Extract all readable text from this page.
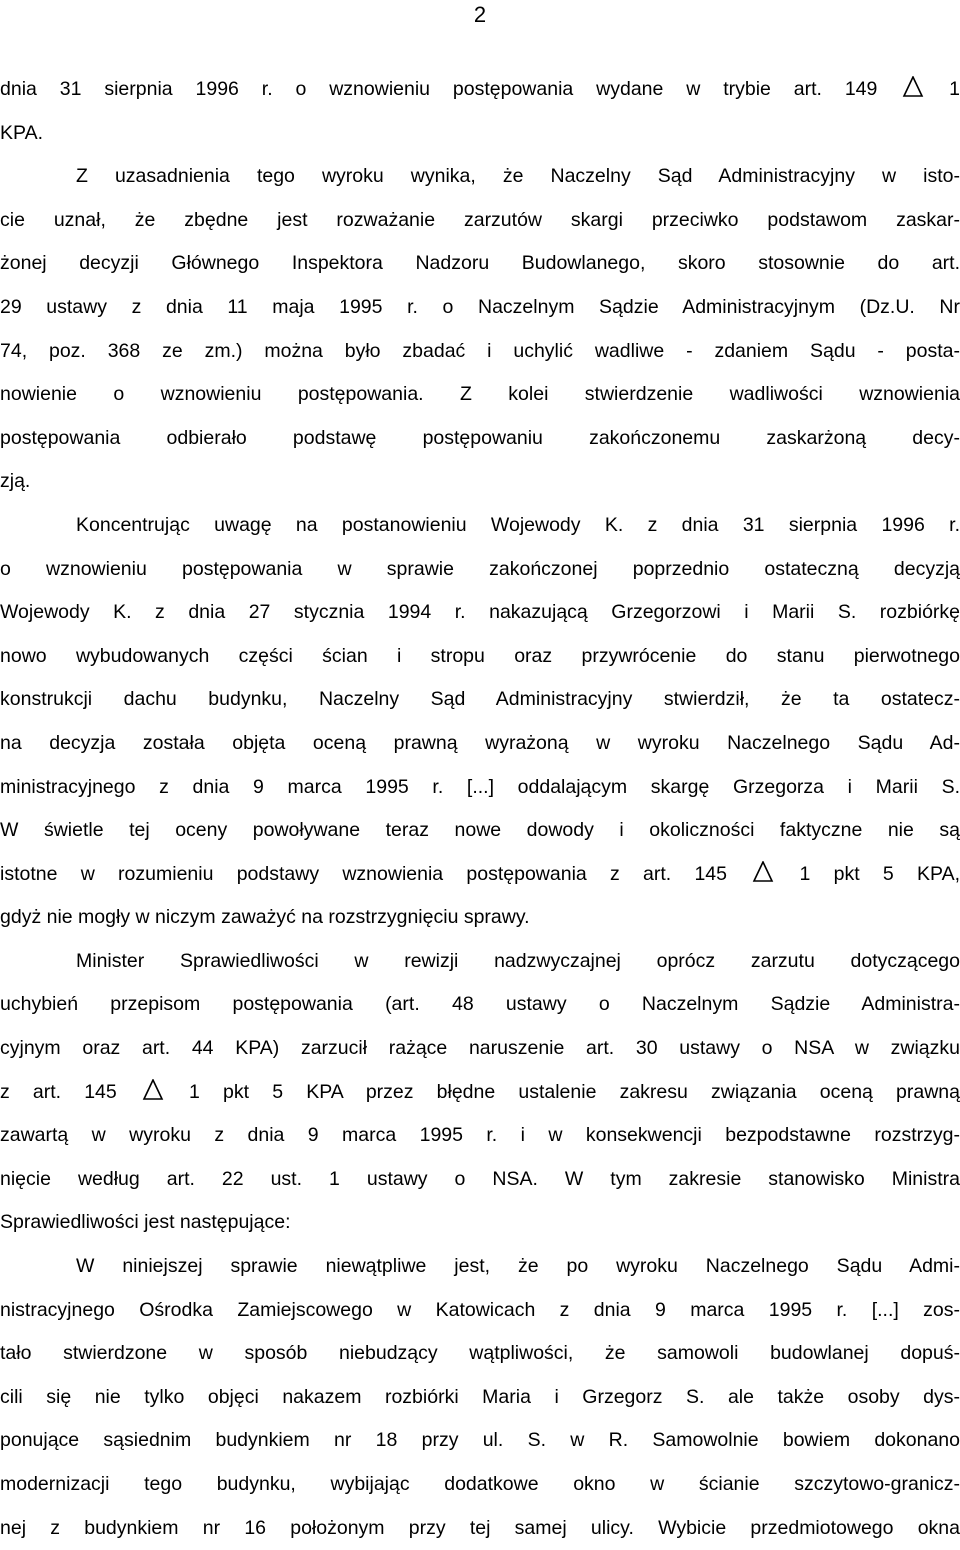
2
dnia 31 sierpnia 1996 r. o wznowieniu postępowania wydane w trybie art. 149  1
KPA.
Z uzasadnienia tego wyroku wynika, że Naczelny Sąd Administracyjny w isto-
cie uznał, że zbędne jest rozważanie zarzutów skargi przeciwko podstawom zaskar-
żonej decyzji Głównego Inspektora Nadzoru Budowlanego, skoro stosownie do art.
29 ustawy z dnia 11 maja 1995 r. o Naczelnym Sądzie Administracyjnym (Dz.U. Nr
74, poz. 368 ze zm.) można było zbadać i uchylić wadliwe - zdaniem Sądu - posta-
nowienie o wznowieniu postępowania. Z kolei stwierdzenie wadliwości wznowienia
postępowania odbierało podstawę postępowaniu zakończonemu zaskarżoną decy-
zją.
Koncentrując uwagę na postanowieniu Wojewody K. z dnia 31 sierpnia 1996 r.
o wznowieniu postępowania w sprawie zakończonej poprzednio ostateczną decyzją
Wojewody K. z dnia 27 stycznia 1994 r. nakazującą Grzegorzowi i Marii S. rozbiórkę
nowo wybudowanych części ścian i stropu oraz przywrócenie do stanu pierwotnego
konstrukcji dachu budynku, Naczelny Sąd Administracyjny stwierdził, że ta ostatecz-
na decyzja została objęta oceną prawną wyrażoną w wyroku Naczelnego Sądu Ad-
ministracyjnego z dnia 9 marca 1995 r. [...] oddalającym skargę Grzegorza i Marii S.
W świetle tej oceny powoływane teraz nowe dowody i okoliczności faktyczne nie są
istotne w rozumieniu podstawy wznowienia postępowania z art. 145  1 pkt 5 KPA,
gdyż nie mogły w niczym zaważyć na rozstrzygnięciu sprawy.
Minister Sprawiedliwości w rewizji nadzwyczajnej oprócz zarzutu dotyczącego
uchybień przepisom postępowania (art. 48 ustawy o Naczelnym Sądzie Administra-
cyjnym oraz art. 44 KPA) zarzucił rażące naruszenie art. 30 ustawy o NSA w związku
z art. 145  1 pkt 5 KPA przez błędne ustalenie zakresu związania oceną prawną
zawartą w wyroku z dnia 9 marca 1995 r. i w konsekwencji bezpodstawne rozstrzyg-
nięcie według art. 22 ust. 1 ustawy o NSA. W tym zakresie stanowisko Ministra
Sprawiedliwości jest następujące:
W niniejszej sprawie niewątpliwe jest, że po wyroku Naczelnego Sądu Admi-
nistracyjnego Ośrodka Zamiejscowego w Katowicach z dnia 9 marca 1995 r. [...] zos-
tało stwierdzone w sposób niebudzący wątpliwości, że samowoli budowlanej dopuś-
cili się nie tylko objęci nakazem rozbiórki Maria i Grzegorz S. ale także osoby dys-
ponujące sąsiednim budynkiem nr 18 przy ul. S. w R. Samowolnie bowiem dokonano
modernizacji tego budynku, wybijając dodatkowe okno w ścianie szczytowo-granicz-
nej z budynkiem nr 16 położonym przy tej samej ulicy. Wybicie przedmiotowego okna
